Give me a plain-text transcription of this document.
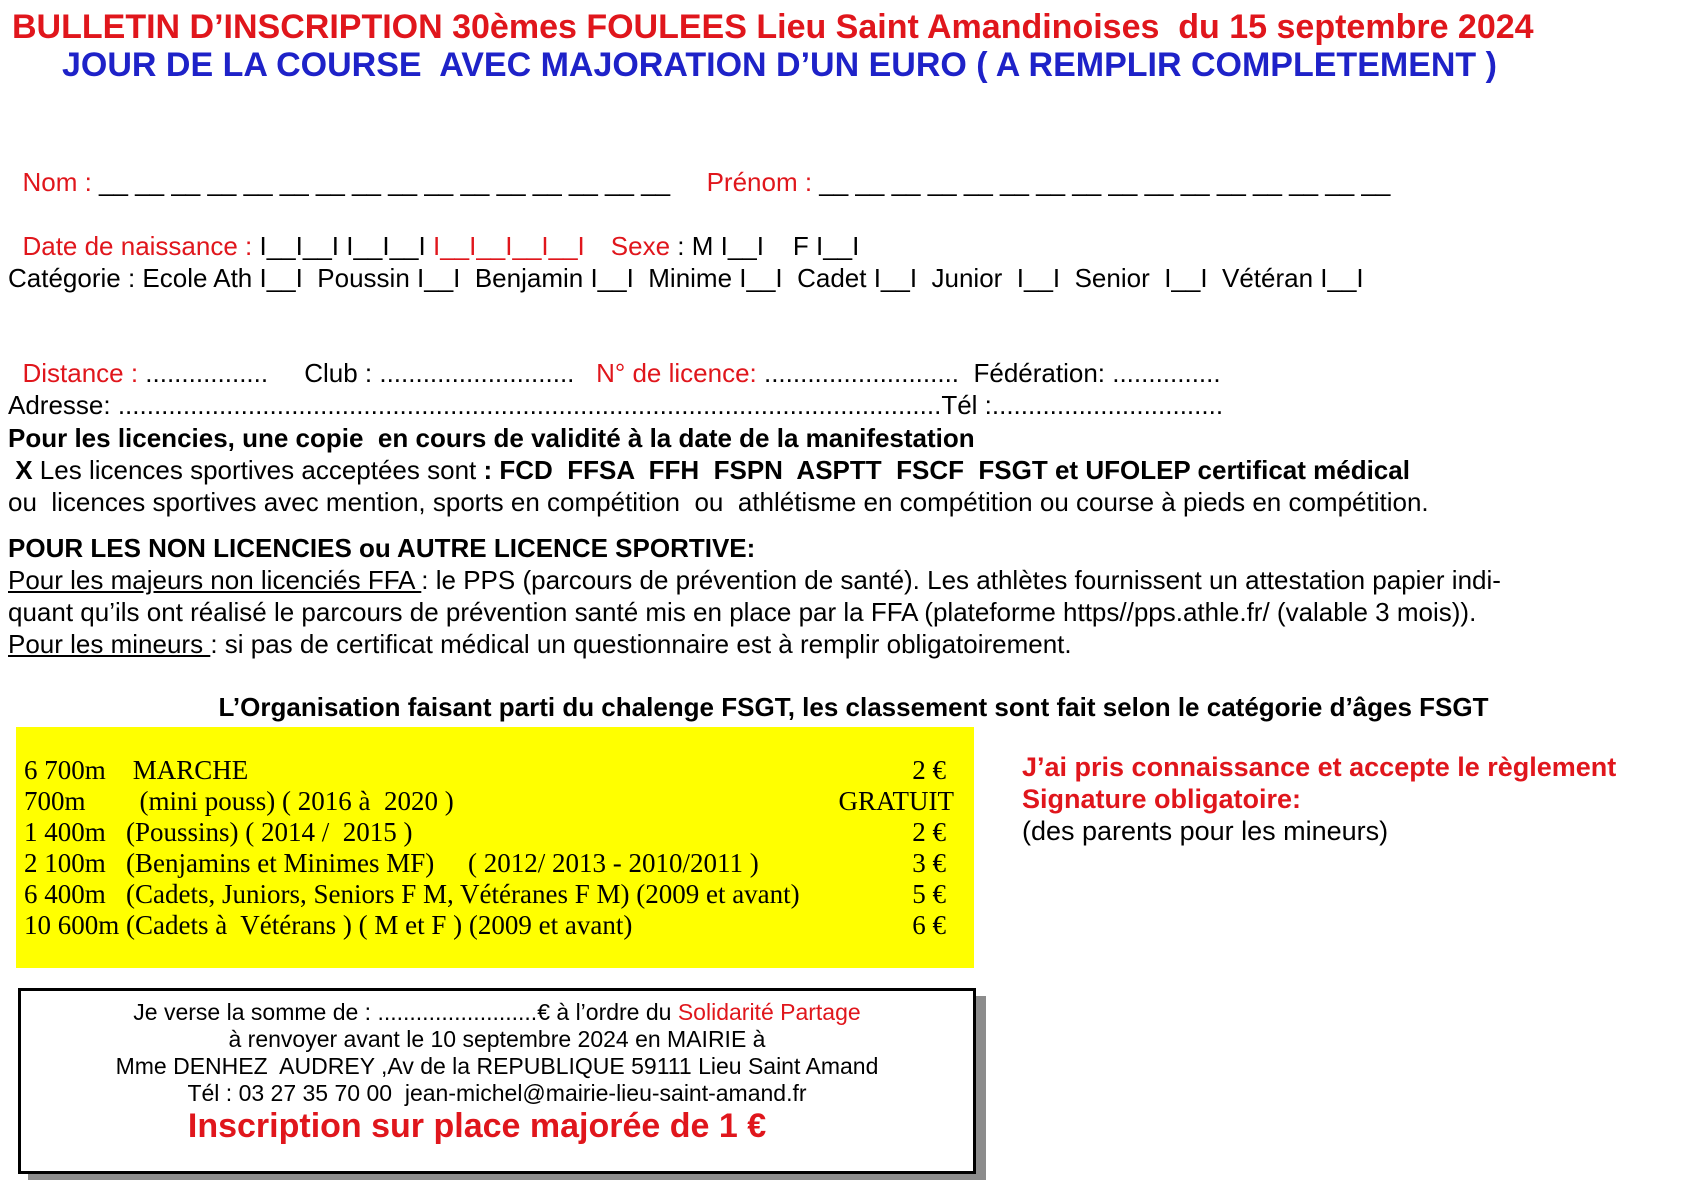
BULLETIN D’INSCRIPTION 30èmes FOULEES Lieu Saint Amandinoises  du 15 septembre 2024
JOUR DE LA COURSE  AVEC MAJORATION D’UN EURO ( A REMPLIR COMPLETEMENT )

Nom : __ __ __ __ __ __ __ __ __ __ __ __ __ __ __ __  Prénom : __ __ __ __ __ __ __ __ __ __ __ __ __ __ __ __

Date de naissance : I__I__I I__I__I I__I__I__I__I Sexe : M I__I    F I__I

Catégorie : Ecole Ath I__I  Poussin I__I  Benjamin I__I  Minime I__I  Cadet I__I  Junior  I__I  Senior  I__I  Vétéran I__I

Distance : .................     Club : ...........................   N° de licence: ...........................  Fédération: ...............

Adresse: ..................................................................................................................Tél :................................
Pour les licencies, une copie  en cours de validité à la date de la manifestation
X Les licences sportives acceptées sont : FCD  FFSA  FFH  FSPN  ASPTT  FSCF  FSGT et UFOLEP certificat médical
ou  licences sportives avec mention, sports en compétition  ou  athlétisme en compétition ou course à pieds en compétition.
POUR LES NON LICENCIES ou AUTRE LICENCE SPORTIVE:
Pour les majeurs non licenciés FFA : le PPS (parcours de prévention de santé). Les athlètes fournissent un attestation papier indi-
quant qu’ils ont réalisé le parcours de prévention santé mis en place par la FFA (plateforme https//pps.athle.fr/ (valable 3 mois)).
Pour les mineurs : si pas de certificat médical un questionnaire est à remplir obligatoirement.
L’Organisation faisant parti du chalenge FSGT, les classement sont fait selon le catégorie d’âges FSGT
6 700m    MARCHE	2 €
700m        (mini pouss) ( 2016 à  2020 )	GRATUIT
1 400m   (Poussins) ( 2014 /  2015 )	2 €
2 100m   (Benjamins et Minimes MF)     ( 2012/ 2013 - 2010/2011 )	3 €
6 400m   (Cadets, Juniors, Seniors F M, Vétéranes F M) (2009 et avant)	5 €
10 600m (Cadets à  Vétérans ) ( M et F ) (2009 et avant)	6 €
J’ai pris connaissance et accepte le règlement
Signature obligatoire:
(des parents pour les mineurs)
Je verse la somme de : .........................€ à l’ordre du Solidarité Partage
à renvoyer avant le 10 septembre 2024 en MAIRIE à
Mme DENHEZ  AUDREY ,Av de la REPUBLIQUE 59111 Lieu Saint Amand
Tél : 03 27 35 70 00  jean-michel@mairie-lieu-saint-amand.fr
Inscription sur place majorée de 1 €
